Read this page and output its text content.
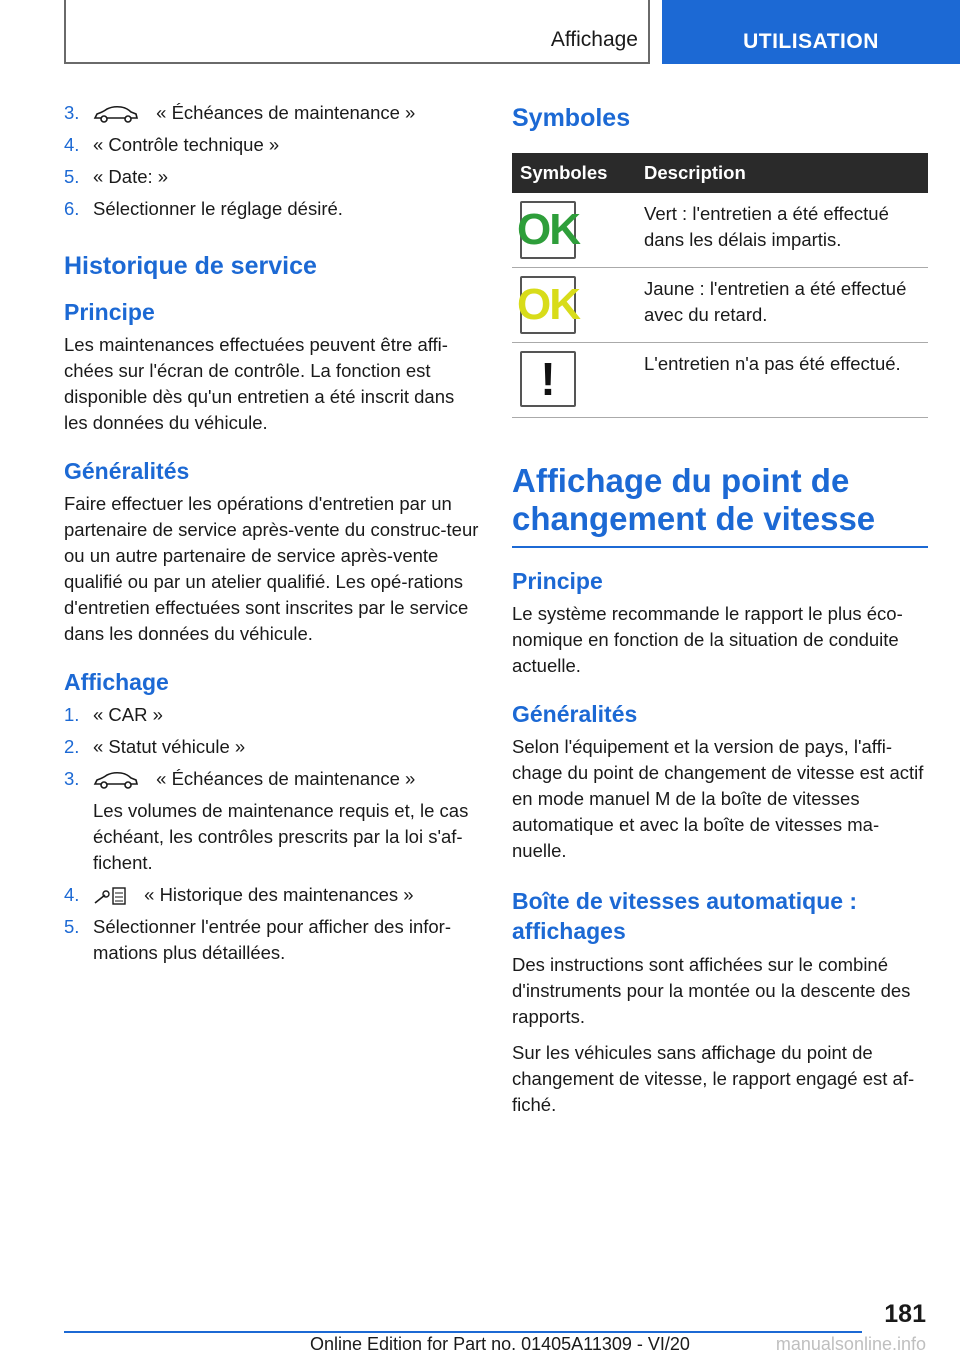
Affichage	UTILISATION
3.	« Échéances de maintenance »
4. « Contrôle technique »
5. « Date: »
6. Sélectionner le réglage désiré.
Historique de service
Principe

Les maintenances effectuées peuvent être affi-chées sur l'écran de contrôle. La fonction est disponible dès qu'un entretien a été inscrit dans les données du véhicule.

Généralités

Faire effectuer les opérations d'entretien par un partenaire de service après-vente du construc-teur ou un autre partenaire de service après-vente qualifié ou par un atelier qualifié. Les opé-rations d'entretien effectuées sont inscrites par le service dans les données du véhicule.

Affichage
1. « CAR »
2. « Statut véhicule »
3.	« Échéances de maintenance »
Les volumes de maintenance requis et, le cas échéant, les contrôles prescrits par la loi s'af-fichent.
4.	« Historique des maintenances »
5. Sélectionner l'entrée pour afficher des infor-mations plus détaillées.
Symboles
Symboles	Description

OK	Vert : l'entretien a été effectué dans les délais impartis.

OK	Jaune : l'entretien a été effectué avec du retard.

!	L'entretien n'a pas été effectué.
Affichage du point de changement de vitesse
Principe

Le système recommande le rapport le plus éco-nomique en fonction de la situation de conduite actuelle.

Généralités

Selon l'équipement et la version de pays, l'affi-chage du point de changement de vitesse est actif en mode manuel M de la boîte de vitesses automatique et avec la boîte de vitesses ma-nuelle.

Boîte de vitesses automatique : affichages

Des instructions sont affichées sur le combiné d'instruments pour la montée ou la descente des rapports.

Sur les véhicules sans affichage du point de changement de vitesse, le rapport engagé est af-fiché.

181
Online Edition for Part no. 01405A11309 - VI/20	manualsonline.info
